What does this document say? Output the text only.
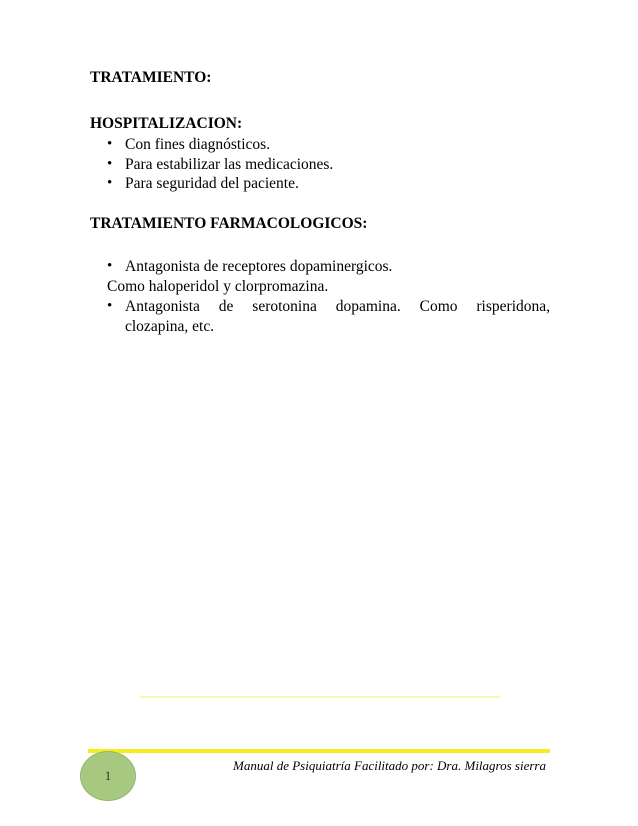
TRATAMIENTO:
HOSPITALIZACION:
• Con fines diagnósticos.
• Para estabilizar las medicaciones.
• Para seguridad del paciente.
TRATAMIENTO FARMACOLOGICOS:
• Antagonista de receptores dopaminergicos.
Como haloperidol y clorpromazina.
• Antagonista de serotonina dopamina. Como risperidona,
clozapina, etc.
1
Manual de Psiquiatría Facilitado por: Dra. Milagros sierra
